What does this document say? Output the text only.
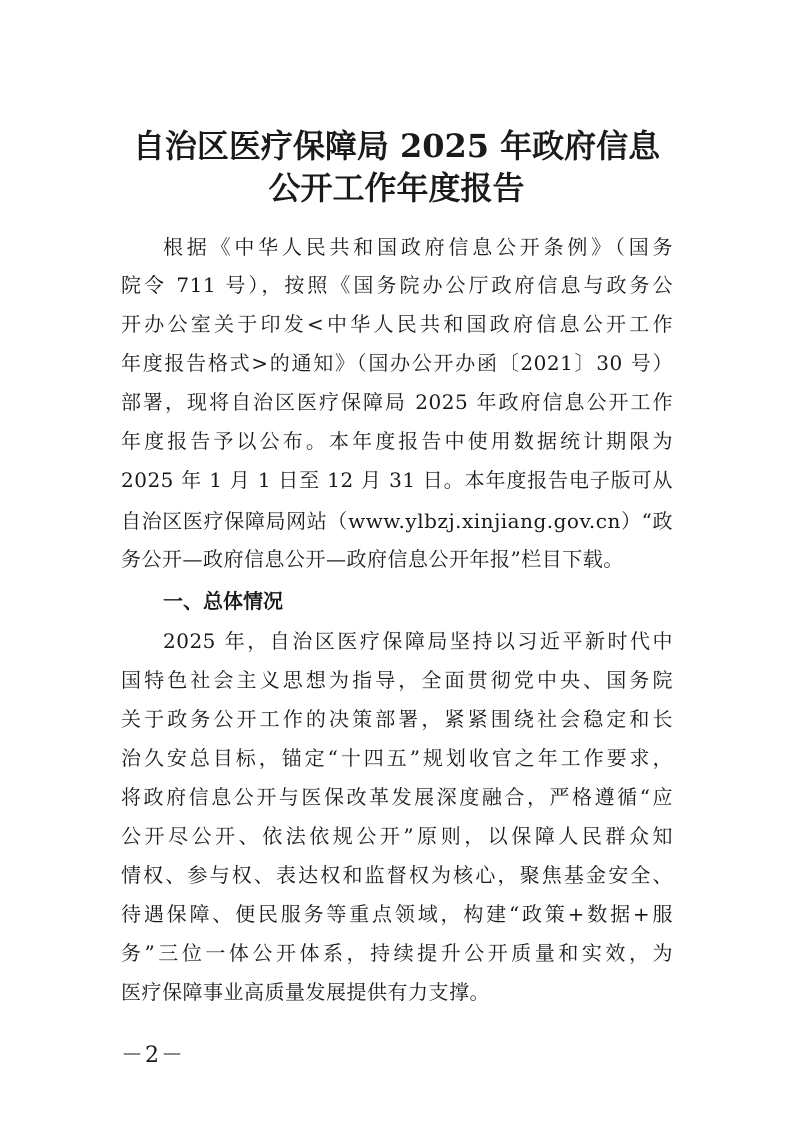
自治区医疗保障局 2025 年政府信息
公开工作年度报告
根据《中华人民共和国政府信息公开条例》（国务
院令 711 号），按照《国务院办公厅政府信息与政务公
开办公室关于印发<中华人民共和国政府信息公开工作
年度报告格式>的通知》（国办公开办函〔2021〕30 号）
部署，现将自治区医疗保障局 2025 年政府信息公开工作
年度报告予以公布。本年度报告中使用数据统计期限为
2025 年 1 月 1 日至 12 月 31 日。本年度报告电子版可从
自治区医疗保障局网站（www.ylbzj.xinjiang.gov.cn）“政
务公开—政府信息公开—政府信息公开年报”栏目下载。
一、总体情况
2025 年，自治区医疗保障局坚持以习近平新时代中
国特色社会主义思想为指导，全面贯彻党中央、国务院
关于政务公开工作的决策部署，紧紧围绕社会稳定和长
治久安总目标，锚定“十四五”规划收官之年工作要求，
将政府信息公开与医保改革发展深度融合，严格遵循“应
公开尽公开、依法依规公开”原则，以保障人民群众知
情权、参与权、表达权和监督权为核心，聚焦基金安全、
待遇保障、便民服务等重点领域，构建“政策+数据+服
务”三位一体公开体系，持续提升公开质量和实效，为
医疗保障事业高质量发展提供有力支撑。
－2－
